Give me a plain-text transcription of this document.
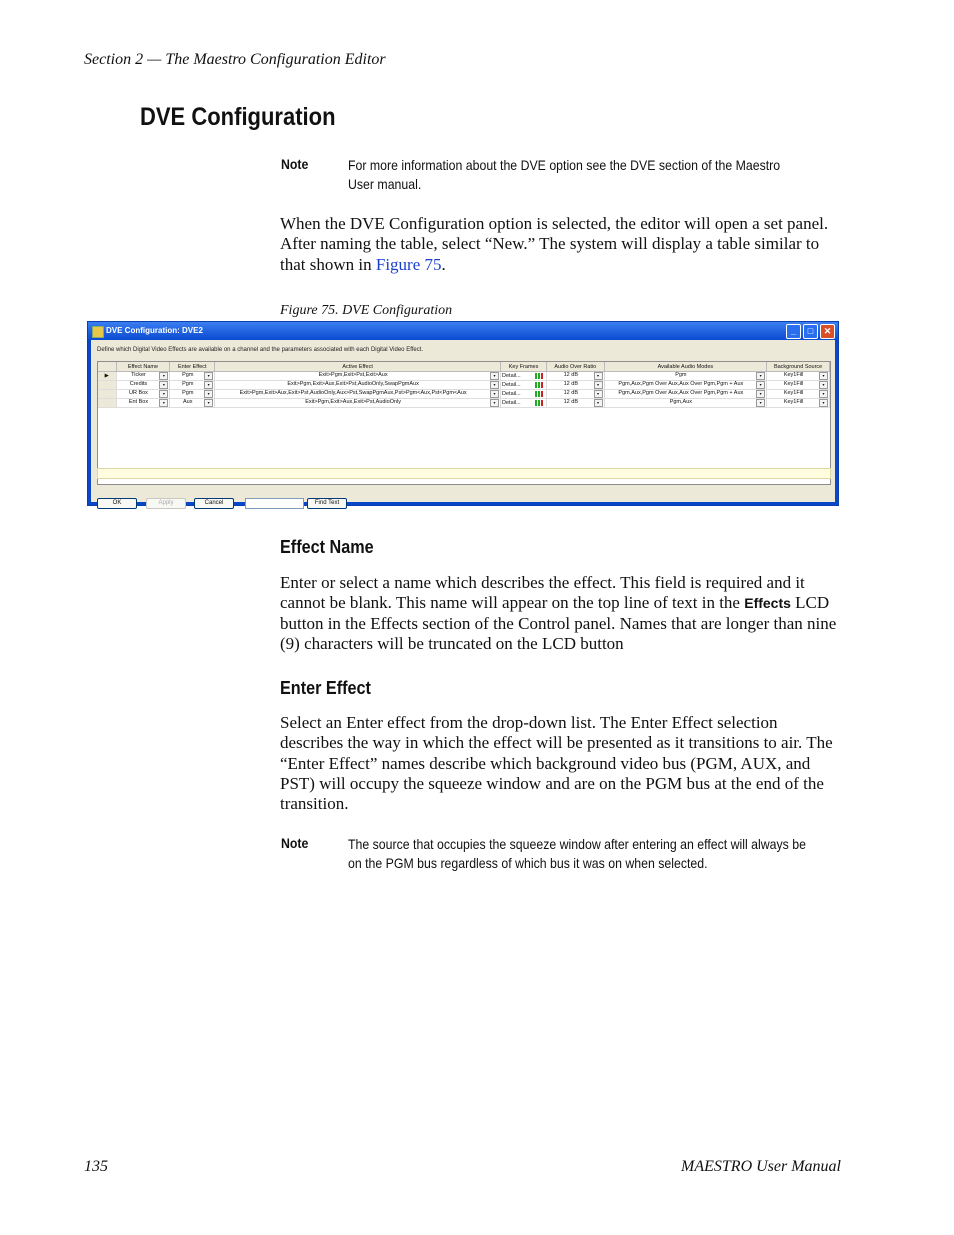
Section 2 — The Maestro Configuration Editor
DVE Configuration
Note	For more information about the DVE option see the DVE section of the Maestro User manual.
When the DVE Configuration option is selected, the editor will open a set panel. After naming the table, select “New.” The system will display a table similar to that shown in Figure 75.
Figure 75. DVE Configuration
DVE Configuration: DVE2	_	□	✕
Define which Digital Video Effects are available on a channel and the parameters associated with each Digital Video Effect.
	Effect Name	Enter Effect	Active Effect	Key Frames	Audio Over Ratio	Available Audio Modes	Background Source
▶	Ticker ▾	Pgm ▾	Exit>Pgm,Exit>Pst,Exit>Aux ▾	Detail...	12 dB ▾	Pgm ▾	Key1Fill ▾

	Credits ▾	Pgm ▾	Exit>Pgm,Exit>Aux,Exit>Pst,AudioOnly,SwapPgmAux ▾	Detail...	12 dB ▾	Pgm,Aux,Pgm Over Aux,Aux Over Pgm,Pgm + Aux ▾	Key1Fill ▾

	UR Box ▾	Pgm ▾	Exit>Pgm,Exit>Aux,Exit>Pst,AudioOnly,Aux>Pst,SwapPgmAux,Pst>Pgm<Aux,Pst<Pgm<Aux ▾	Detail...	12 dB ▾	Pgm,Aux,Pgm Over Aux,Aux Over Pgm,Pgm + Aux ▾	Key1Fill ▾

	Ent Box ▾	Aux ▾	Exit>Pgm,Exit>Aux,Exit>Pst,AudioOnly ▾	Detail...	12 dB ▾	Pgm,Aux ▾	Key1Fill ▾
OK	Apply	Cancel	Find Text
Effect Name
Enter or select a name which describes the effect. This field is required and it cannot be blank. This name will appear on the top line of text in the Effects LCD button in the Effects section of the Control panel. Names that are longer than nine (9) characters will be truncated on the LCD button
Enter Effect
Select an Enter effect from the drop-down list. The Enter Effect selection describes the way in which the effect will be presented as it transitions to air. The “Enter Effect” names describe which background video bus (PGM, AUX, and PST) will occupy the squeeze window and are on the PGM bus at the end of the transition.
Note	The source that occupies the squeeze window after entering an effect will always be on the PGM bus regardless of which bus it was on when selected.
135	MAESTRO User Manual
